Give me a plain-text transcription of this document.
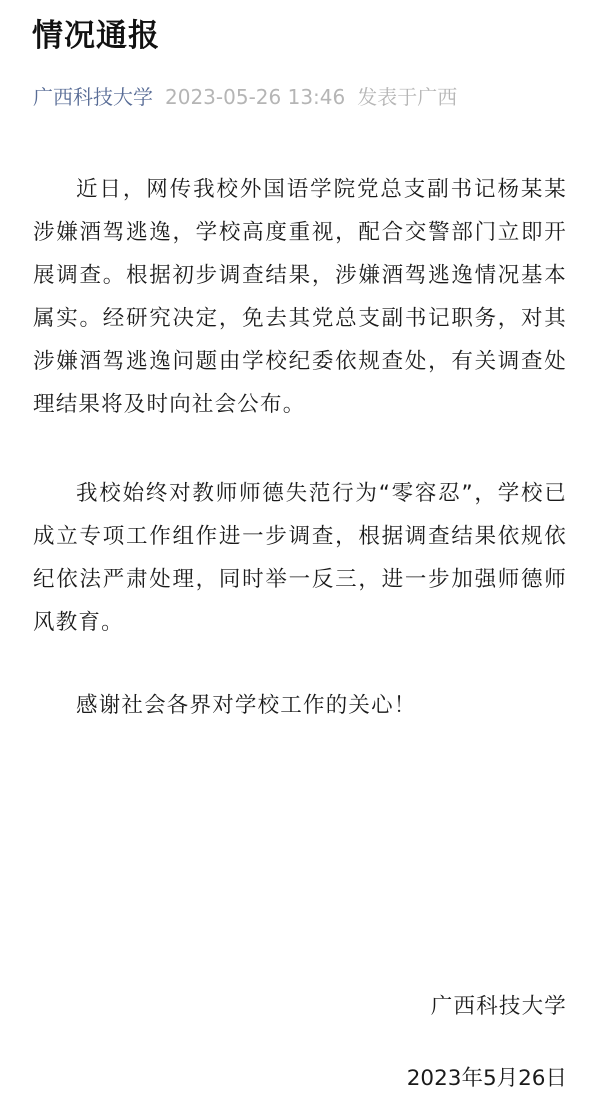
情况通报
广西科技大学 2023-05-26 13:46 发表于广西

近日，网传我校外国语学院党总支副书记杨某某涉嫌酒驾逃逸，学校高度重视，配合交警部门立即开展调查。根据初步调查结果，涉嫌酒驾逃逸情况基本属实。经研究决定，免去其党总支副书记职务，对其涉嫌酒驾逃逸问题由学校纪委依规查处，有关调查处理结果将及时向社会公布。

我校始终对教师师德失范行为“零容忍”，学校已成立专项工作组作进一步调查，根据调查结果依规依纪依法严肃处理，同时举一反三，进一步加强师德师风教育。

感谢社会各界对学校工作的关心！

广西科技大学
2023年5月26日
